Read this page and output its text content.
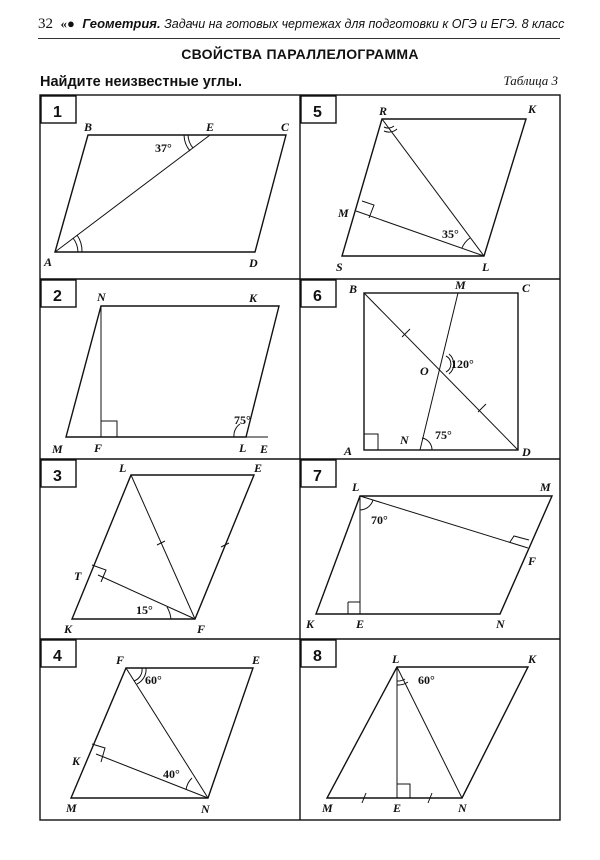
32 «● Геометрия. Задачи на готовых чертежах для подготовки к ОГЭ и ЕГЭ. 8 класс
СВОЙСТВА ПАРАЛЛЕЛОГРАММА
Найдите неизвестные углы.	Таблица 3
1	5
2	6
3	7
4	8
B	E	C
A	D
37°
R	K
M
S	L
35°
N	K
M	F	L E
75°
B	M	C
O
A
N
D
120°
75°
L	E
T
K	F
15°
L	M
F
K	E	N
70°
F	E
K
M	N
60°
40°
L	K
M	E	N
60°
